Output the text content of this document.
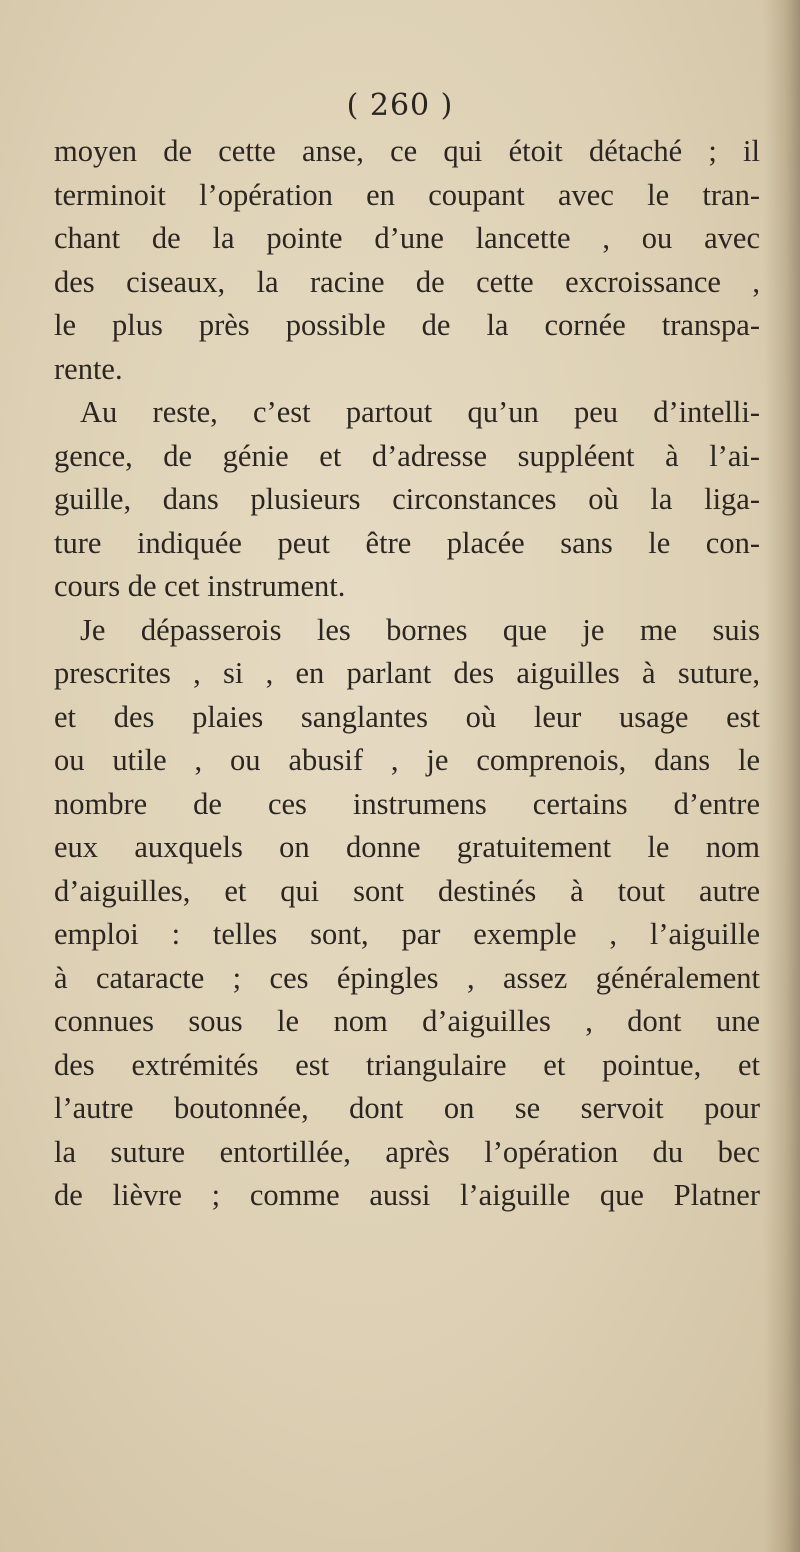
( 260 )
moyen de cette anse, ce qui étoit détaché ; il
terminoit l’opération en coupant avec le tran-
chant de la pointe d’une lancette , ou avec
des ciseaux, la racine de cette excroissance ,
le plus près possible de la cornée transpa-
rente.
Au reste, c’est partout qu’un peu d’intelli-
gence, de génie et d’adresse suppléent à l’ai-
guille, dans plusieurs circonstances où la liga-
ture indiquée peut être placée sans le con-
cours de cet instrument.
Je dépasserois les bornes que je me suis
prescrites , si , en parlant des aiguilles à suture,
et des plaies sanglantes où leur usage est
ou utile , ou abusif , je comprenois, dans le
nombre de ces instrumens certains d’entre
eux auxquels on donne gratuitement le nom
d’aiguilles, et qui sont destinés à tout autre
emploi : telles sont, par exemple , l’aiguille
à cataracte ; ces épingles , assez généralement
connues sous le nom d’aiguilles , dont une
des extrémités est triangulaire et pointue, et
l’autre boutonnée, dont on se servoit pour
la suture entortillée, après l’opération du bec
de lièvre ; comme aussi l’aiguille que Platner
